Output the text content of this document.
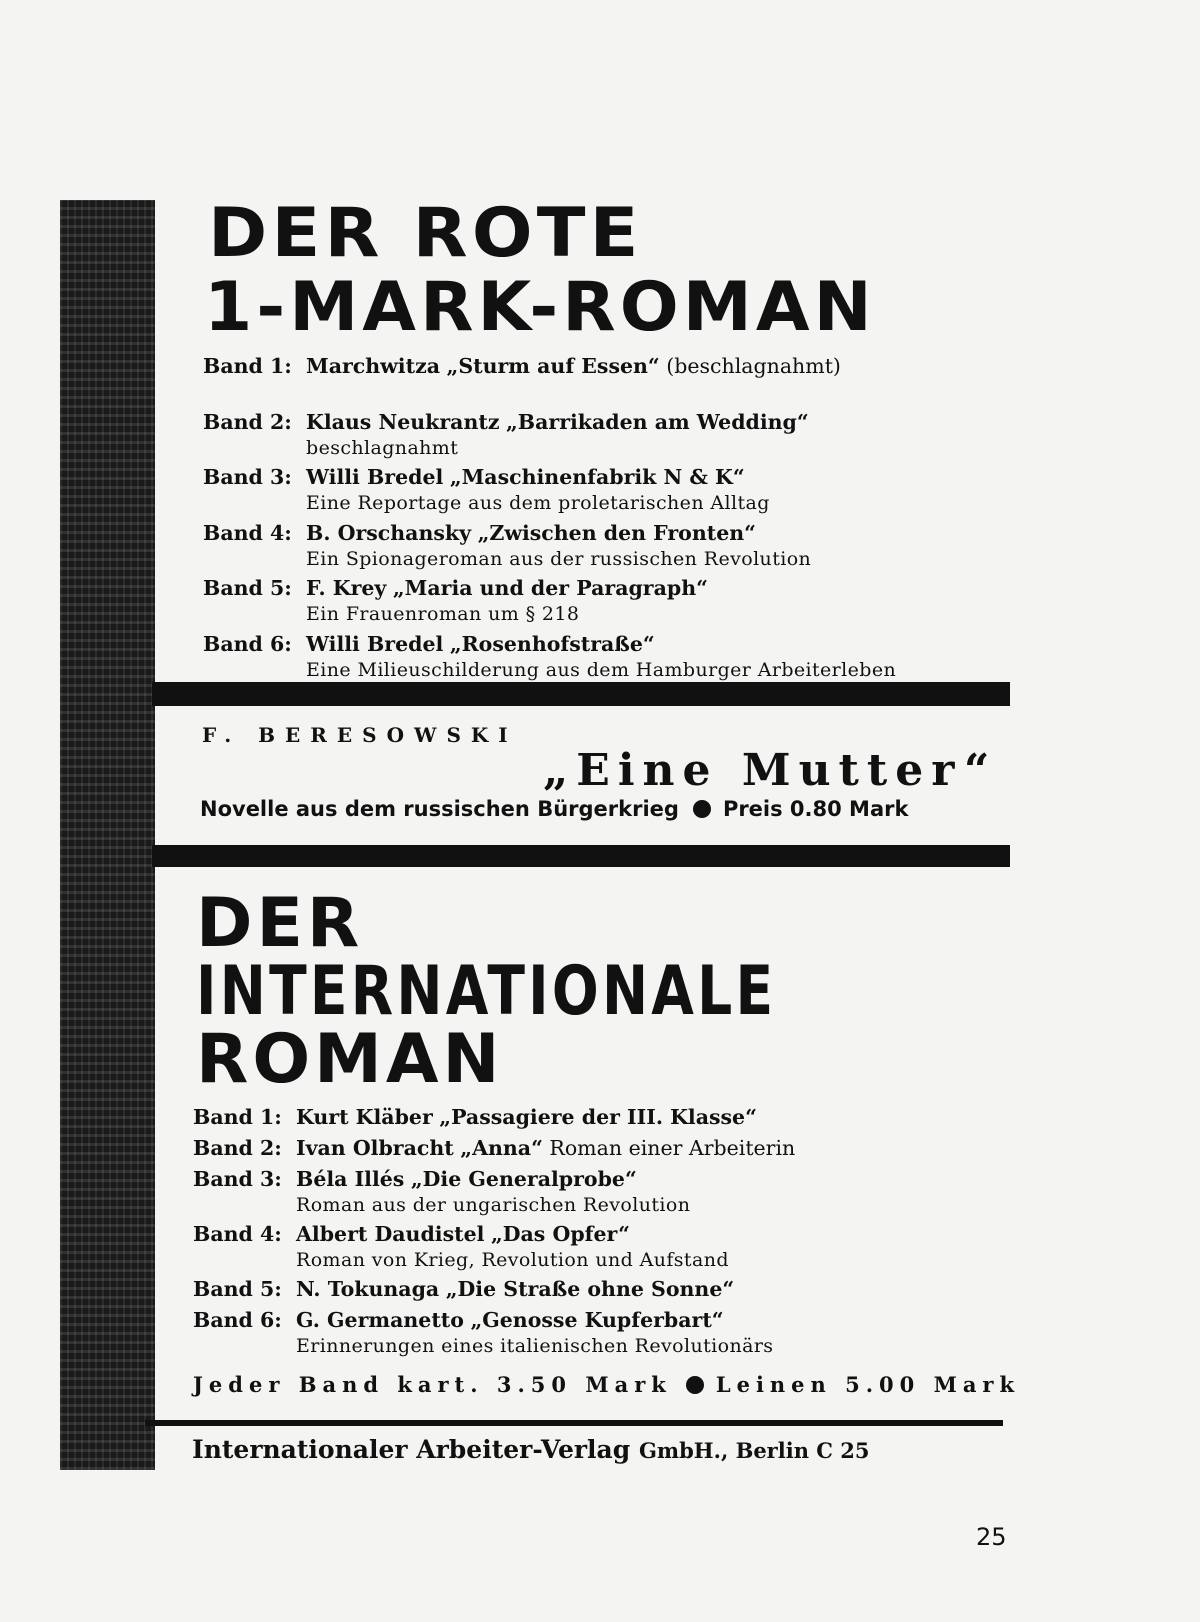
DER ROTE
1-MARK-ROMAN
Band 1: Marchwitza „Sturm auf Essen“ (beschlagnahmt)
Band 2: Klaus Neukrantz „Barrikaden am Wedding“
beschlagnahmt
Band 3: Willi Bredel „Maschinenfabrik N & K“
Eine Reportage aus dem proletarischen Alltag
Band 4: B. Orschansky „Zwischen den Fronten“
Ein Spionageroman aus der russischen Revolution
Band 5: F. Krey „Maria und der Paragraph“
Ein Frauenroman um § 218
Band 6: Willi Bredel „Rosenhofstraße“
Eine Milieuschilderung aus dem Hamburger Arbeiterleben

F. BERESOWSKI

„Eine Mutter“

Novelle aus dem russischen Bürgerkrieg Preis 0.80 Mark

DER
INTERNATIONALE
ROMAN
Band 1: Kurt Kläber „Passagiere der III. Klasse“
Band 2: Ivan Olbracht „Anna“ Roman einer Arbeiterin
Band 3: Béla Illés „Die Generalprobe“
Roman aus der ungarischen Revolution
Band 4: Albert Daudistel „Das Opfer“
Roman von Krieg, Revolution und Aufstand
Band 5: N. Tokunaga „Die Straße ohne Sonne“
Band 6: G. Germanetto „Genosse Kupferbart“
Erinnerungen eines italienischen Revolutionärs

Jeder Band kart. 3.50 Mark Leinen 5.00 Mark

Internationaler Arbeiter-Verlag GmbH., Berlin C 25

25
